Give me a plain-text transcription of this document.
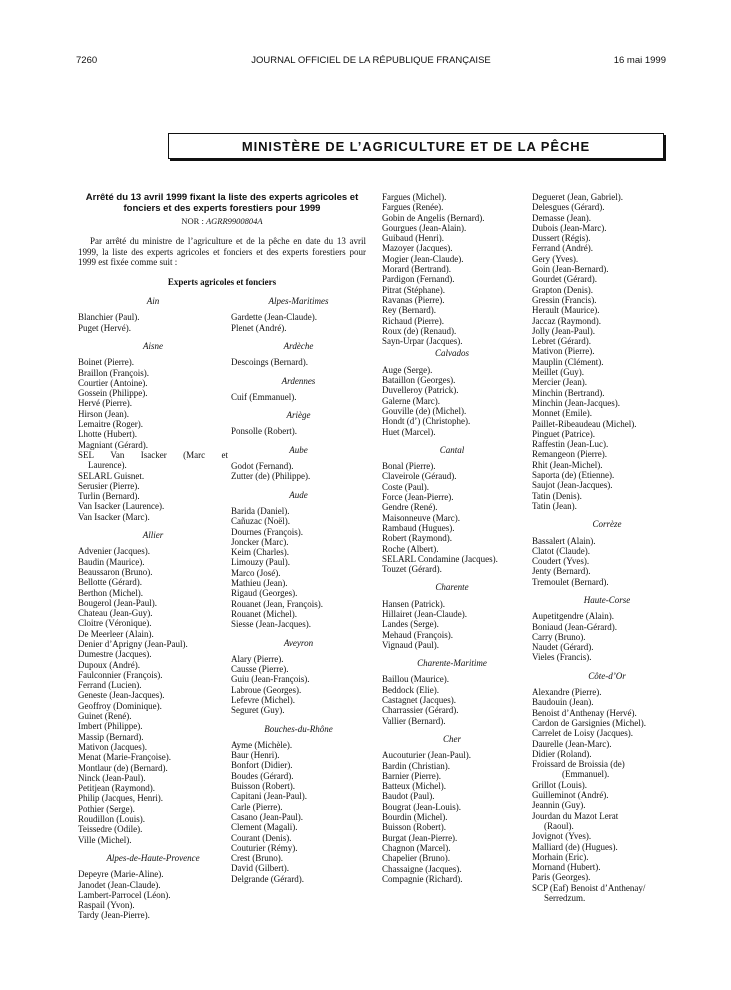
7260	JOURNAL OFFICIEL DE LA RÉPUBLIQUE FRANÇAISE	16 mai 1999
MINISTÈRE DE L’AGRICULTURE ET DE LA PÊCHE
Arrêté du 13 avril 1999 fixant la liste des experts agricoles et fonciers et des experts forestiers pour 1999
NOR : AGRR9900804A
Par arrêté du ministre de l’agriculture et de la pêche en date du 13 avril 1999, la liste des experts agricoles et fonciers et des experts forestiers pour 1999 est fixée comme suit :
Experts agricoles et fonciers
Ain
Blanchier (Paul).
Puget (Hervé).
Aisne
Boinet (Pierre).
Braillon (François).
Courtier (Antoine).
Gossein (Philippe).
Hervé (Pierre).
Hirson (Jean).
Lemaitre (Roger).
Lhotte (Hubert).
Magniant (Gérard).
SEL Van Isacker (Marc et
Laurence).
SELARL Guisnet.
Serusier (Pierre).
Turlin (Bernard).
Van Isacker (Laurence).
Van Isacker (Marc).
Allier
Advenier (Jacques).
Baudin (Maurice).
Beaussaron (Bruno).
Bellotte (Gérard).
Berthon (Michel).
Bougerol (Jean-Paul).
Chateau (Jean-Guy).
Cloitre (Véronique).
De Meerleer (Alain).
Denier d’Aprigny (Jean-Paul).
Dumestre (Jacques).
Dupoux (André).
Faulconnier (François).
Ferrand (Lucien).
Geneste (Jean-Jacques).
Geoffroy (Dominique).
Guinet (René).
Imbert (Philippe).
Massip (Bernard).
Mativon (Jacques).
Menat (Marie-Françoise).
Montlaur (de) (Bernard).
Ninck (Jean-Paul).
Petitjean (Raymond).
Philip (Jacques, Henri).
Pothier (Serge).
Roudillon (Louis).
Teissedre (Odile).
Ville (Michel).
Alpes-de-Haute-Provence
Depeyre (Marie-Aline).
Janodet (Jean-Claude).
Lambert-Parrocel (Léon).
Raspail (Yvon).
Tardy (Jean-Pierre).
Alpes-Maritimes
Gardette (Jean-Claude).
Plenet (André).
Ardèche
Descoings (Bernard).
Ardennes
Cuif (Emmanuel).
Ariège
Ponsolle (Robert).
Aube
Godot (Fernand).
Zutter (de) (Philippe).
Aude
Barida (Daniel).
Cañuzac (Noël).
Dournes (François).
Joncker (Marc).
Keim (Charles).
Limouzy (Paul).
Marco (José).
Mathieu (Jean).
Rigaud (Georges).
Rouanet (Jean, François).
Rouanet (Michel).
Siesse (Jean-Jacques).
Aveyron
Alary (Pierre).
Causse (Pierre).
Guiu (Jean-François).
Labroue (Georges).
Lefevre (Michel).
Seguret (Guy).
Bouches-du-Rhône
Ayme (Michèle).
Baur (Henri).
Bonfort (Didier).
Boudes (Gérard).
Buisson (Robert).
Capitani (Jean-Paul).
Carle (Pierre).
Casano (Jean-Paul).
Clement (Magali).
Courant (Denis).
Couturier (Rémy).
Crest (Bruno).
David (Gilbert).
Delgrande (Gérard).
Fargues (Michel).
Fargues (Renée).
Gobin de Angelis (Bernard).
Gourgues (Jean-Alain).
Guibaud (Henri).
Mazoyer (Jacques).
Mogier (Jean-Claude).
Morard (Bertrand).
Pardigon (Fernand).
Pitrat (Stéphane).
Ravanas (Pierre).
Rey (Bernard).
Richaud (Pierre).
Roux (de) (Renaud).
Sayn-Urpar (Jacques).
Calvados
Auge (Serge).
Bataillon (Georges).
Duvelleroy (Patrick).
Galerne (Marc).
Gouville (de) (Michel).
Hondt (d’) (Christophe).
Huet (Marcel).
Cantal
Bonal (Pierre).
Claveirole (Géraud).
Coste (Paul).
Force (Jean-Pierre).
Gendre (René).
Maisonneuve (Marc).
Rambaud (Hugues).
Robert (Raymond).
Roche (Albert).
SELARL Condamine (Jacques).
Touzet (Gérard).
Charente
Hansen (Patrick).
Hillairet (Jean-Claude).
Landes (Serge).
Mehaud (François).
Vignaud (Paul).
Charente-Maritime
Baillou (Maurice).
Beddock (Elie).
Castagnet (Jacques).
Charrassier (Gérard).
Vallier (Bernard).
Cher
Aucouturier (Jean-Paul).
Bardin (Christian).
Barnier (Pierre).
Batteux (Michel).
Baudot (Paul).
Bougrat (Jean-Louis).
Bourdin (Michel).
Buisson (Robert).
Burgat (Jean-Pierre).
Chagnon (Marcel).
Chapelier (Bruno).
Chassaigne (Jacques).
Compagnie (Richard).
Degueret (Jean, Gabriel).
Delesgues (Gérard).
Demasse (Jean).
Dubois (Jean-Marc).
Dussert (Régis).
Ferrand (André).
Gery (Yves).
Goin (Jean-Bernard).
Gourdet (Gérard).
Grapton (Denis).
Gressin (Francis).
Herault (Maurice).
Jaccaz (Raymond).
Jolly (Jean-Paul).
Lebret (Gérard).
Mativon (Pierre).
Mauplin (Clément).
Meillet (Guy).
Mercier (Jean).
Minchin (Bertrand).
Minchin (Jean-Jacques).
Monnet (Emile).
Paillet-Ribeaudeau (Michel).
Pinguet (Patrice).
Raffestin (Jean-Luc).
Remangeon (Pierre).
Rhit (Jean-Michel).
Saporta (de) (Etienne).
Saujot (Jean-Jacques).
Tatin (Denis).
Tatin (Jean).
Corrèze
Bassalert (Alain).
Clatot (Claude).
Coudert (Yves).
Jenty (Bernard).
Tremoulet (Bernard).
Haute-Corse
Aupetitgendre (Alain).
Boniaud (Jean-Gérard).
Carry (Bruno).
Naudet (Gérard).
Vieles (Francis).
Côte-d’Or
Alexandre (Pierre).
Baudouin (Jean).
Benoist d’Anthenay (Hervé).
Cardon de Garsignies (Michel).
Carrelet de Loisy (Jacques).
Daurelle (Jean-Marc).
Didier (Roland).
Froissard de Broissia (de)
(Emmanuel).
Grillot (Louis).
Guilleminot (André).
Jeannin (Guy).
Jourdan du Mazot Lerat
(Raoul).
Jovignot (Yves).
Malliard (de) (Hugues).
Morhain (Eric).
Mornand (Hubert).
Paris (Georges).
SCP (Eaf) Benoist d’Anthenay/
Serredzum.
